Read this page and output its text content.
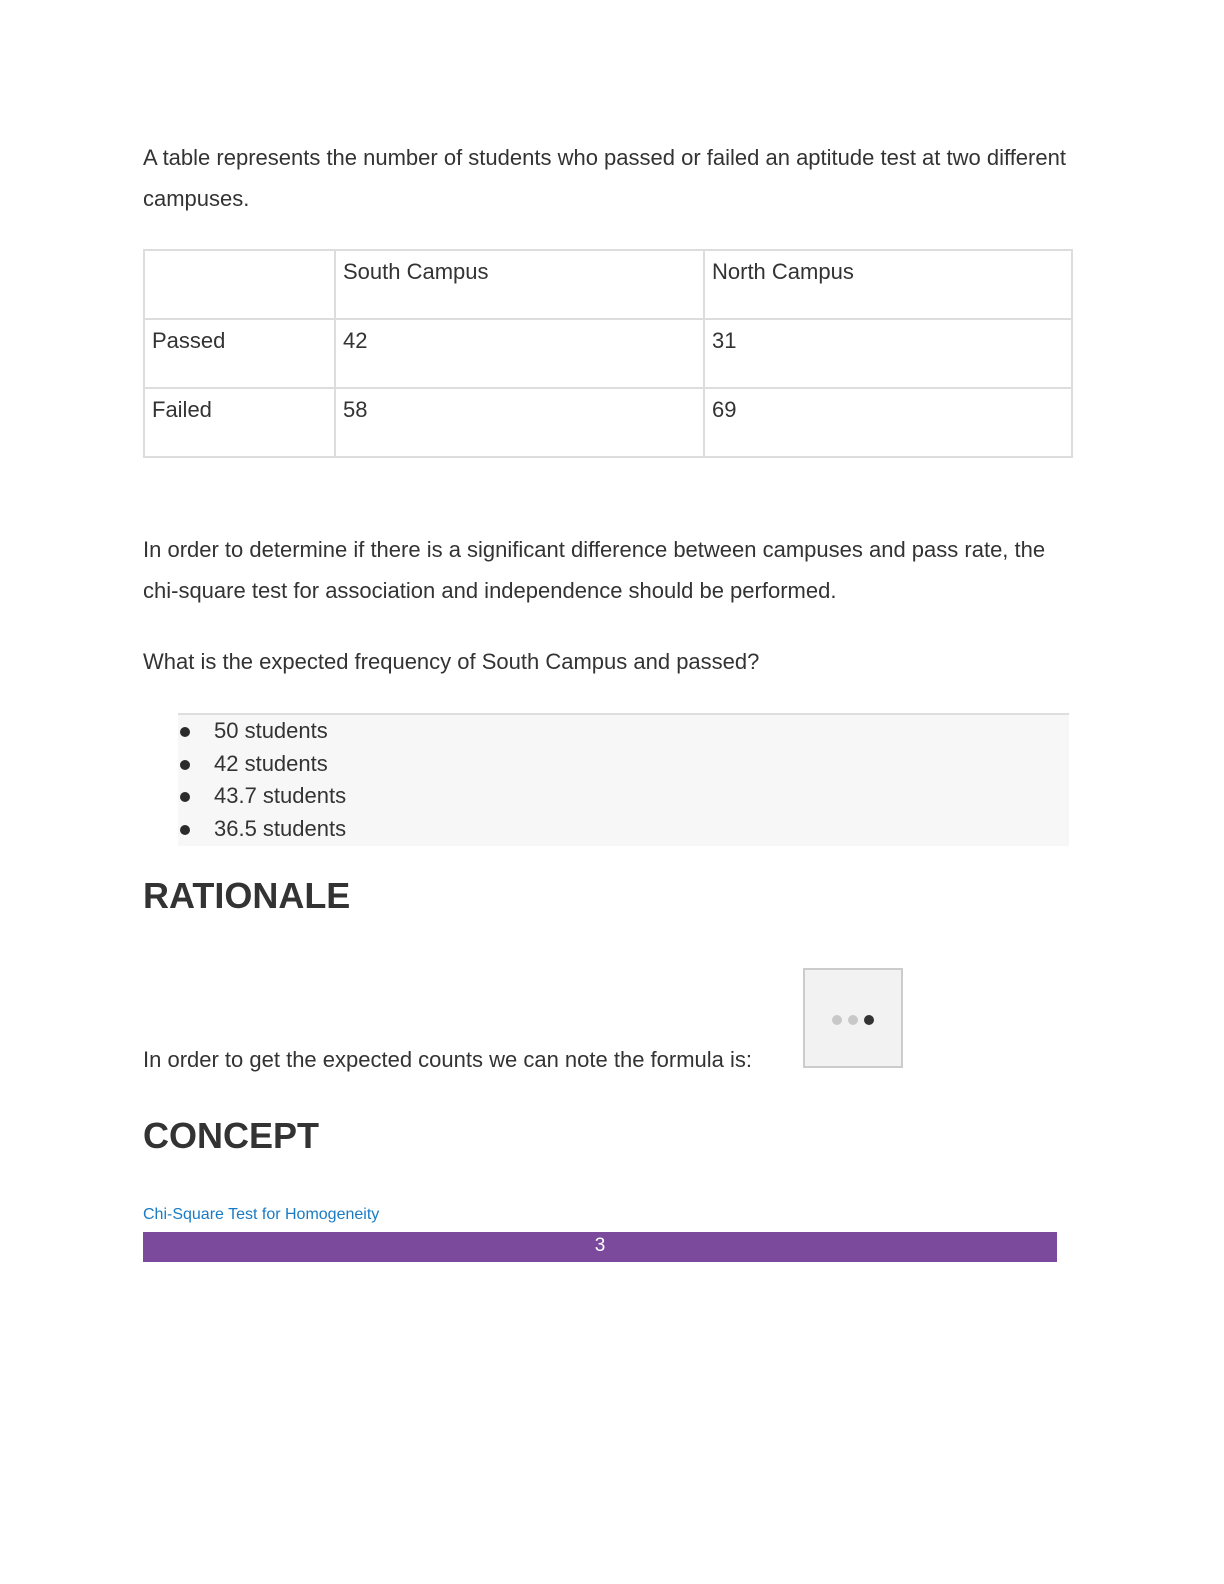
A table represents the number of students who passed or failed an aptitude test at two different campuses.

	South Campus	North Campus
Passed	42	31
Failed	58	69

In order to determine if there is a significant difference between campuses and pass rate, the chi-square test for association and independence should be performed.

What is the expected frequency of South Campus and passed?

50 students
42 students
43.7 students
36.5 students
RATIONALE

In order to get the expected counts we can note the formula is:

CONCEPT
Chi-Square Test for Homogeneity
3
